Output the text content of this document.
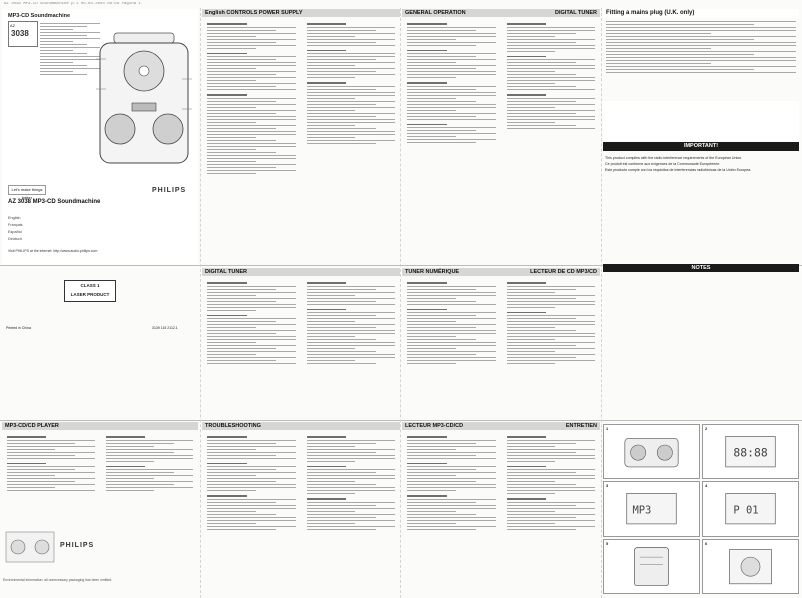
AZ 3038 MP3-CD Soundmachine p.1 05-03-2003 09:58 Pagina 1
MP3-CD Soundmachine
AZ
3038
Let's make things better
PHILIPS
AZ 3038 MP3-CD Soundmachine
English
Français
Español
Deutsch
Visit PHILIPS at the internet: http://www.audio.philips.com
CLASS 1
LASER PRODUCT
Printed in China	3139 115 2112.1
English CONTROLS POWER SUPPLY	GENERAL OPERATION	DIGITAL TUNER	Fitting a mains plug (U.K. only)
IMPORTANT!
This product complies with the radio interference requirements of the European Union.
Ce produit est conforme aux exigences de la Communauté Européenne.
Este producto cumple con los requisitos de interferencias radiofónicas de la Unión Europea.
NOTES
DIGITAL TUNER	TUNER NUMÉRIQUE	LECTEUR DE CD MP3/CD
MP3-CD/CD PLAYER
PHILIPS
Environmental information: all unnecessary packaging has been omitted.
TROUBLESHOOTING	LECTEUR MP3-CD/CD	ENTRETIEN 1	2
88:88
3
MP3
4
P 01
5	6
